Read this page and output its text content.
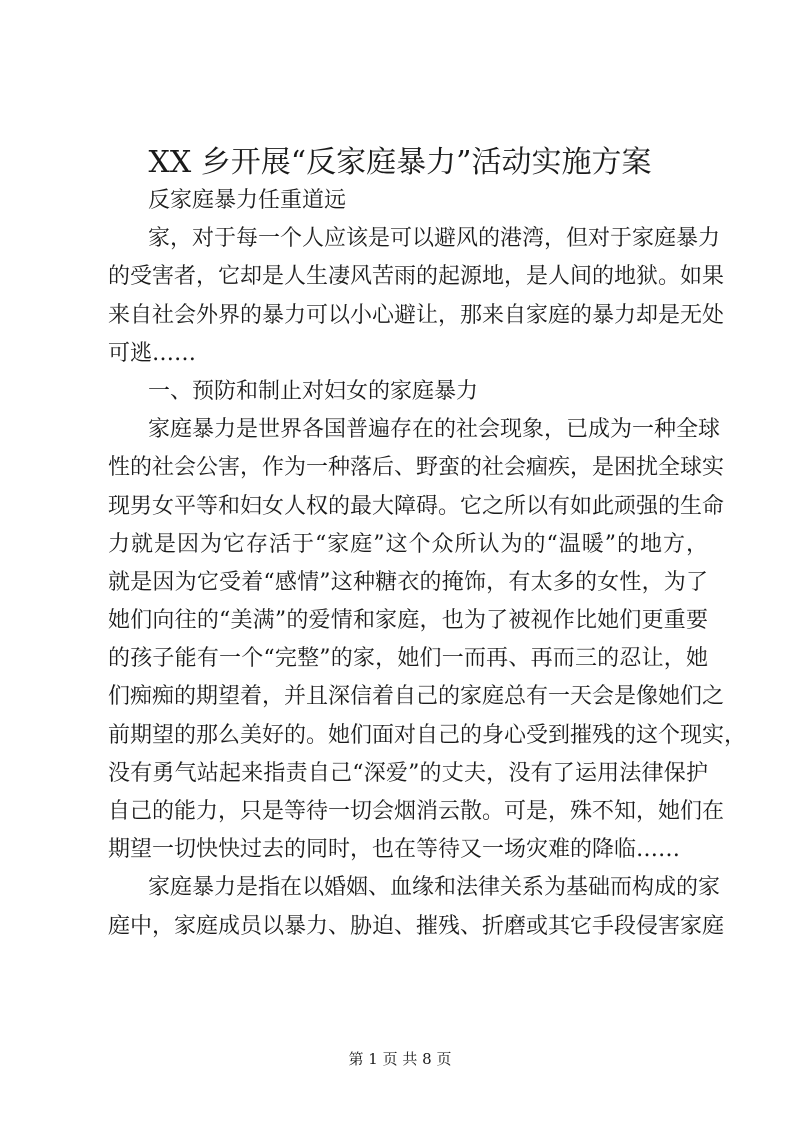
XX 乡开展“反家庭暴力”活动实施方案
反家庭暴力任重道远
家，对于每一个人应该是可以避风的港湾，但对于家庭暴力
的受害者，它却是人生凄风苦雨的起源地，是人间的地狱。如果
来自社会外界的暴力可以小心避让，那来自家庭的暴力却是无处
可逃……
一、预防和制止对妇女的家庭暴力
家庭暴力是世界各国普遍存在的社会现象，已成为一种全球
性的社会公害，作为一种落后、野蛮的社会痼疾，是困扰全球实
现男女平等和妇女人权的最大障碍。它之所以有如此顽强的生命
力就是因为它存活于“家庭”这个众所认为的“温暖”的地方，
就是因为它受着“感情”这种糖衣的掩饰，有太多的女性，为了
她们向往的“美满”的爱情和家庭，也为了被视作比她们更重要
的孩子能有一个“完整”的家，她们一而再、再而三的忍让，她
们痴痴的期望着，并且深信着自己的家庭总有一天会是像她们之
前期望的那么美好的。她们面对自己的身心受到摧残的这个现实，
没有勇气站起来指责自己“深爱”的丈夫，没有了运用法律保护
自己的能力，只是等待一切会烟消云散。可是，殊不知，她们在
期望一切快快过去的同时，也在等待又一场灾难的降临……
家庭暴力是指在以婚姻、血缘和法律关系为基础而构成的家
庭中，家庭成员以暴力、胁迫、摧残、折磨或其它手段侵害家庭
第 1 页 共 8 页
